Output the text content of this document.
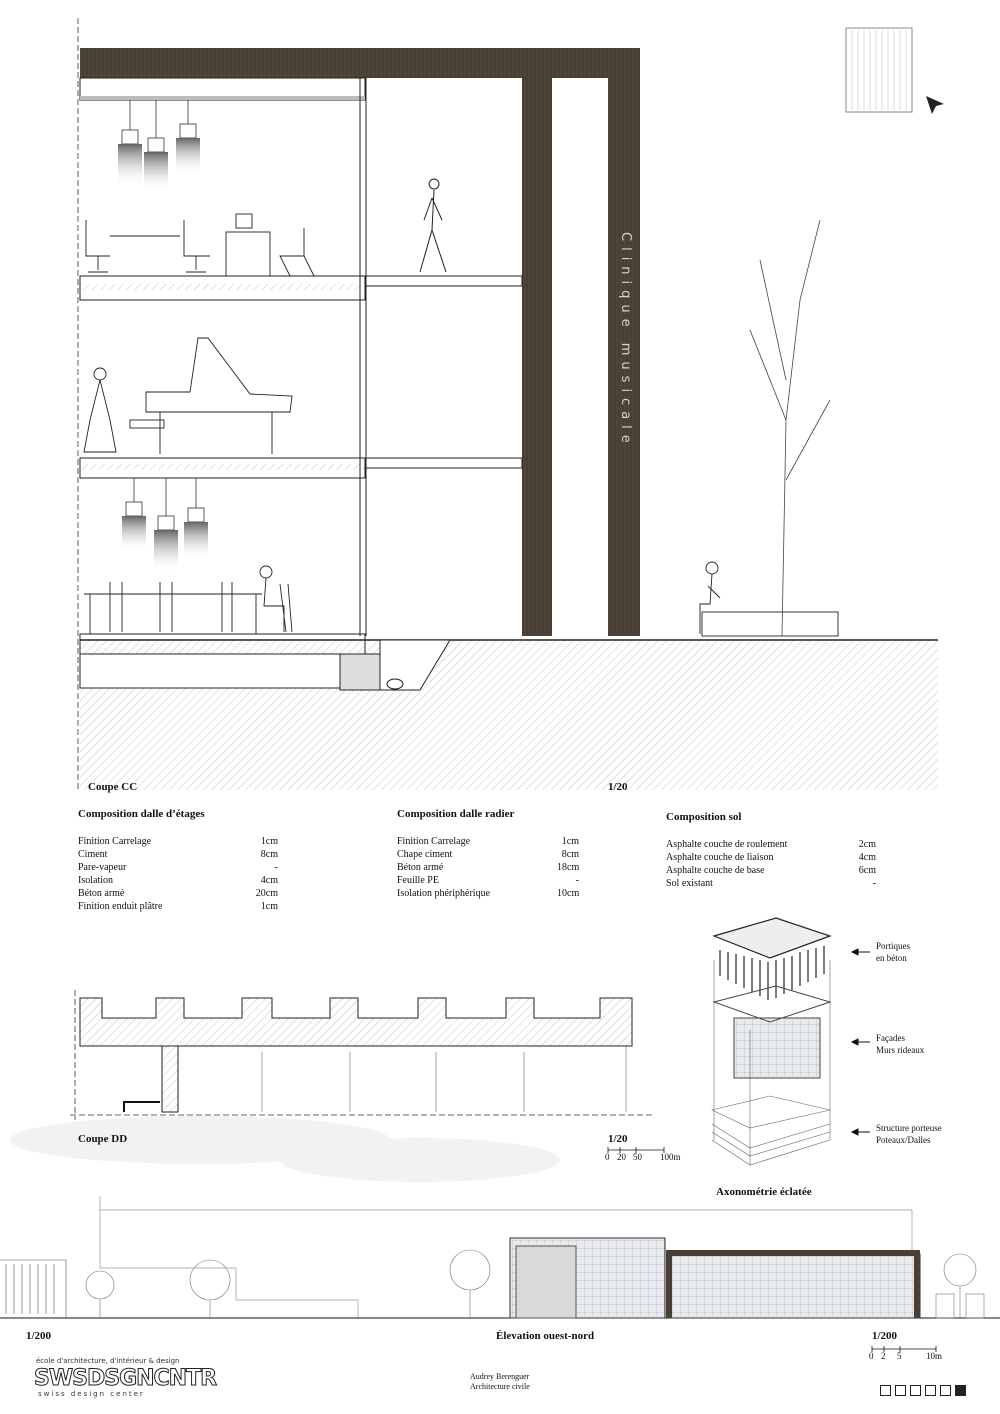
Clinique musicale
Coupe CC	1/20
Composition dalle d’étages
Finition Carrelage	1cm
Ciment	8cm
Pare-vapeur	-
Isolation	4cm
Béton armé	20cm
Finition enduit plâtre	1cm
Composition dalle radier
Finition Carrelage	1cm
Chape ciment	8cm
Béton armé	18cm
Feuille PE	-
Isolation phériphérique	10cm
Composition sol
Asphalte couche de roulement	2cm
Asphalte couche de liaison	4cm
Asphalte couche de base	6cm
Sol existant	-
Coupe DD	1/20
0 20 50 100m
Portiques
en béton
Façades
Murs rideaux
Structure porteuse
Poteaux/Dalles
Axonométrie éclatée
1/200	Élevation ouest-nord	1/200
0 2 5	10m
école d'architecture, d'intérieur & design
SWSDSGNCNTR
swiss design center
Audrey Berenguer
Architecture civile
